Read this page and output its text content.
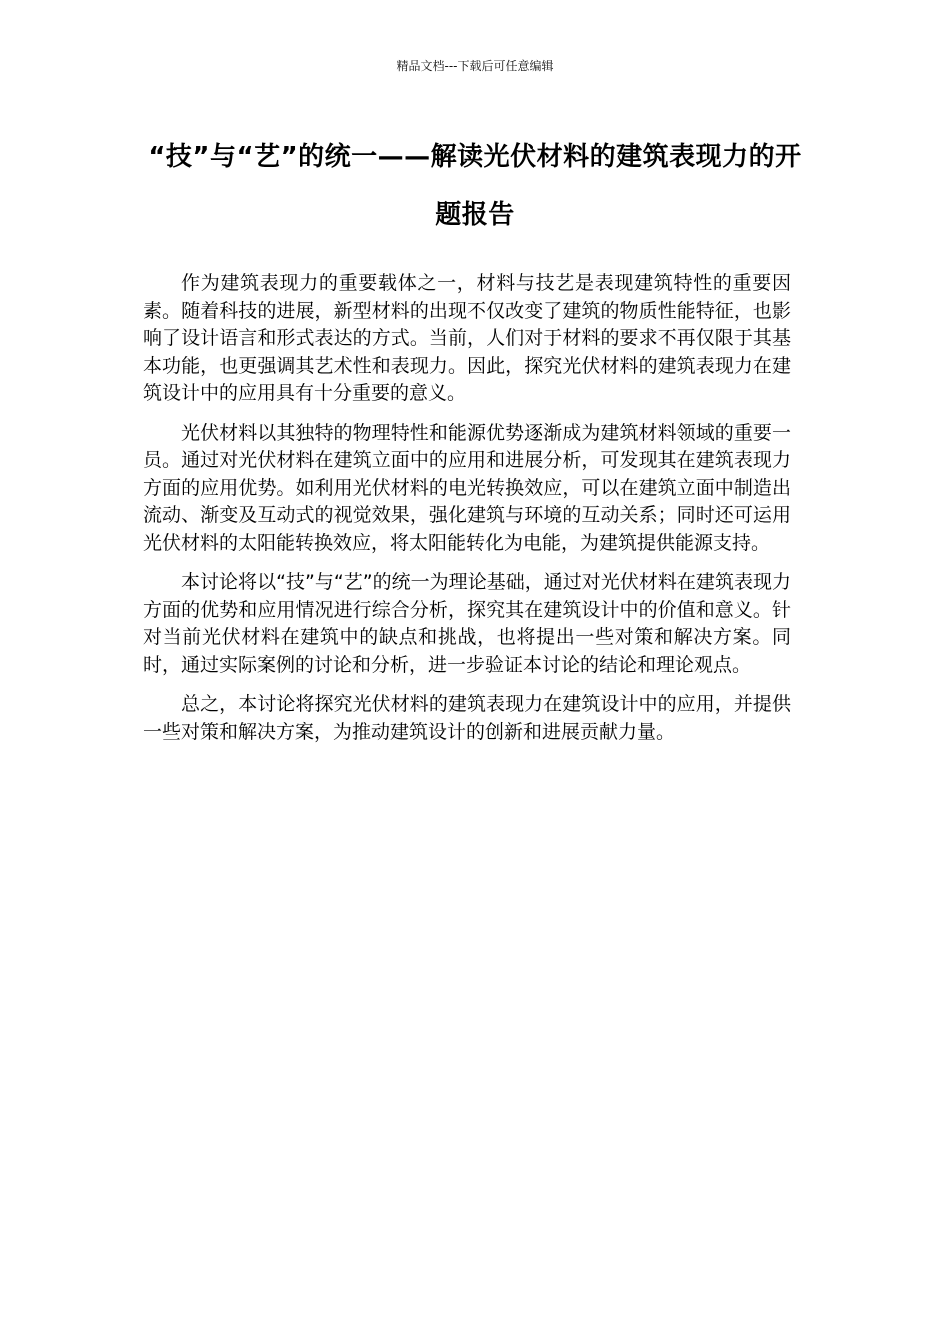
精品文档---下载后可任意编辑
“技”与“艺”的统一——解读光伏材料的建筑表现力的开题报告

作为建筑表现力的重要载体之一，材料与技艺是表现建筑特性的重要因素。随着科技的进展，新型材料的出现不仅改变了建筑的物质性能特征，也影响了设计语言和形式表达的方式。当前，人们对于材料的要求不再仅限于其基本功能，也更强调其艺术性和表现力。因此，探究光伏材料的建筑表现力在建筑设计中的应用具有十分重要的意义。

光伏材料以其独特的物理特性和能源优势逐渐成为建筑材料领域的重要一员。通过对光伏材料在建筑立面中的应用和进展分析，可发现其在建筑表现力方面的应用优势。如利用光伏材料的电光转换效应，可以在建筑立面中制造出流动、渐变及互动式的视觉效果，强化建筑与环境的互动关系；同时还可运用光伏材料的太阳能转换效应，将太阳能转化为电能，为建筑提供能源支持。

本讨论将以“技”与“艺”的统一为理论基础，通过对光伏材料在建筑表现力方面的优势和应用情况进行综合分析，探究其在建筑设计中的价值和意义。针对当前光伏材料在建筑中的缺点和挑战，也将提出一些对策和解决方案。同时，通过实际案例的讨论和分析，进一步验证本讨论的结论和理论观点。

总之，本讨论将探究光伏材料的建筑表现力在建筑设计中的应用，并提供一些对策和解决方案，为推动建筑设计的创新和进展贡献力量。
